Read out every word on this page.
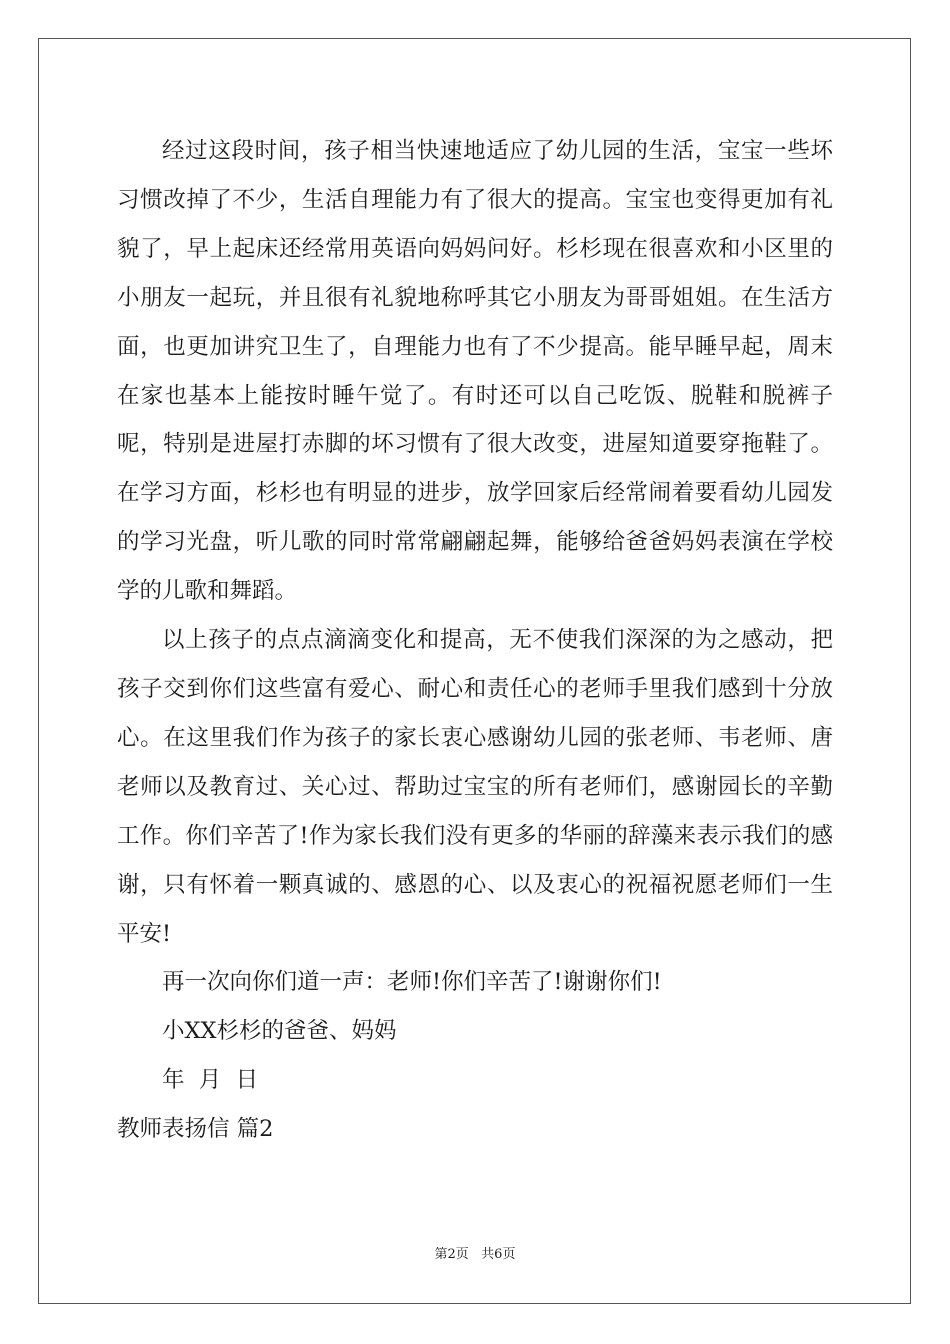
经过这段时间，孩子相当快速地适应了幼儿园的生活，宝宝一些坏习惯改掉了不少，生活自理能力有了很大的提高。宝宝也变得更加有礼貌了，早上起床还经常用英语向妈妈问好。杉杉现在很喜欢和小区里的小朋友一起玩，并且很有礼貌地称呼其它小朋友为哥哥姐姐。在生活方面，也更加讲究卫生了，自理能力也有了不少提高。能早睡早起，周末在家也基本上能按时睡午觉了。有时还可以自己吃饭、脱鞋和脱裤子呢，特别是进屋打赤脚的坏习惯有了很大改变，进屋知道要穿拖鞋了。在学习方面，杉杉也有明显的进步，放学回家后经常闹着要看幼儿园发的学习光盘，听儿歌的同时常常翩翩起舞，能够给爸爸妈妈表演在学校学的儿歌和舞蹈。

以上孩子的点点滴滴变化和提高，无不使我们深深的为之感动，把孩子交到你们这些富有爱心、耐心和责任心的老师手里我们感到十分放心。在这里我们作为孩子的家长衷心感谢幼儿园的张老师、韦老师、唐老师以及教育过、关心过、帮助过宝宝的所有老师们，感谢园长的辛勤工作。你们辛苦了!作为家长我们没有更多的华丽的辞藻来表示我们的感谢，只有怀着一颗真诚的、感恩的心、以及衷心的祝福祝愿老师们一生平安!

再一次向你们道一声：老师!你们辛苦了!谢谢你们!

小XX杉杉的爸爸、妈妈

年  月  日

教师表扬信 篇2

第2页   共6页
